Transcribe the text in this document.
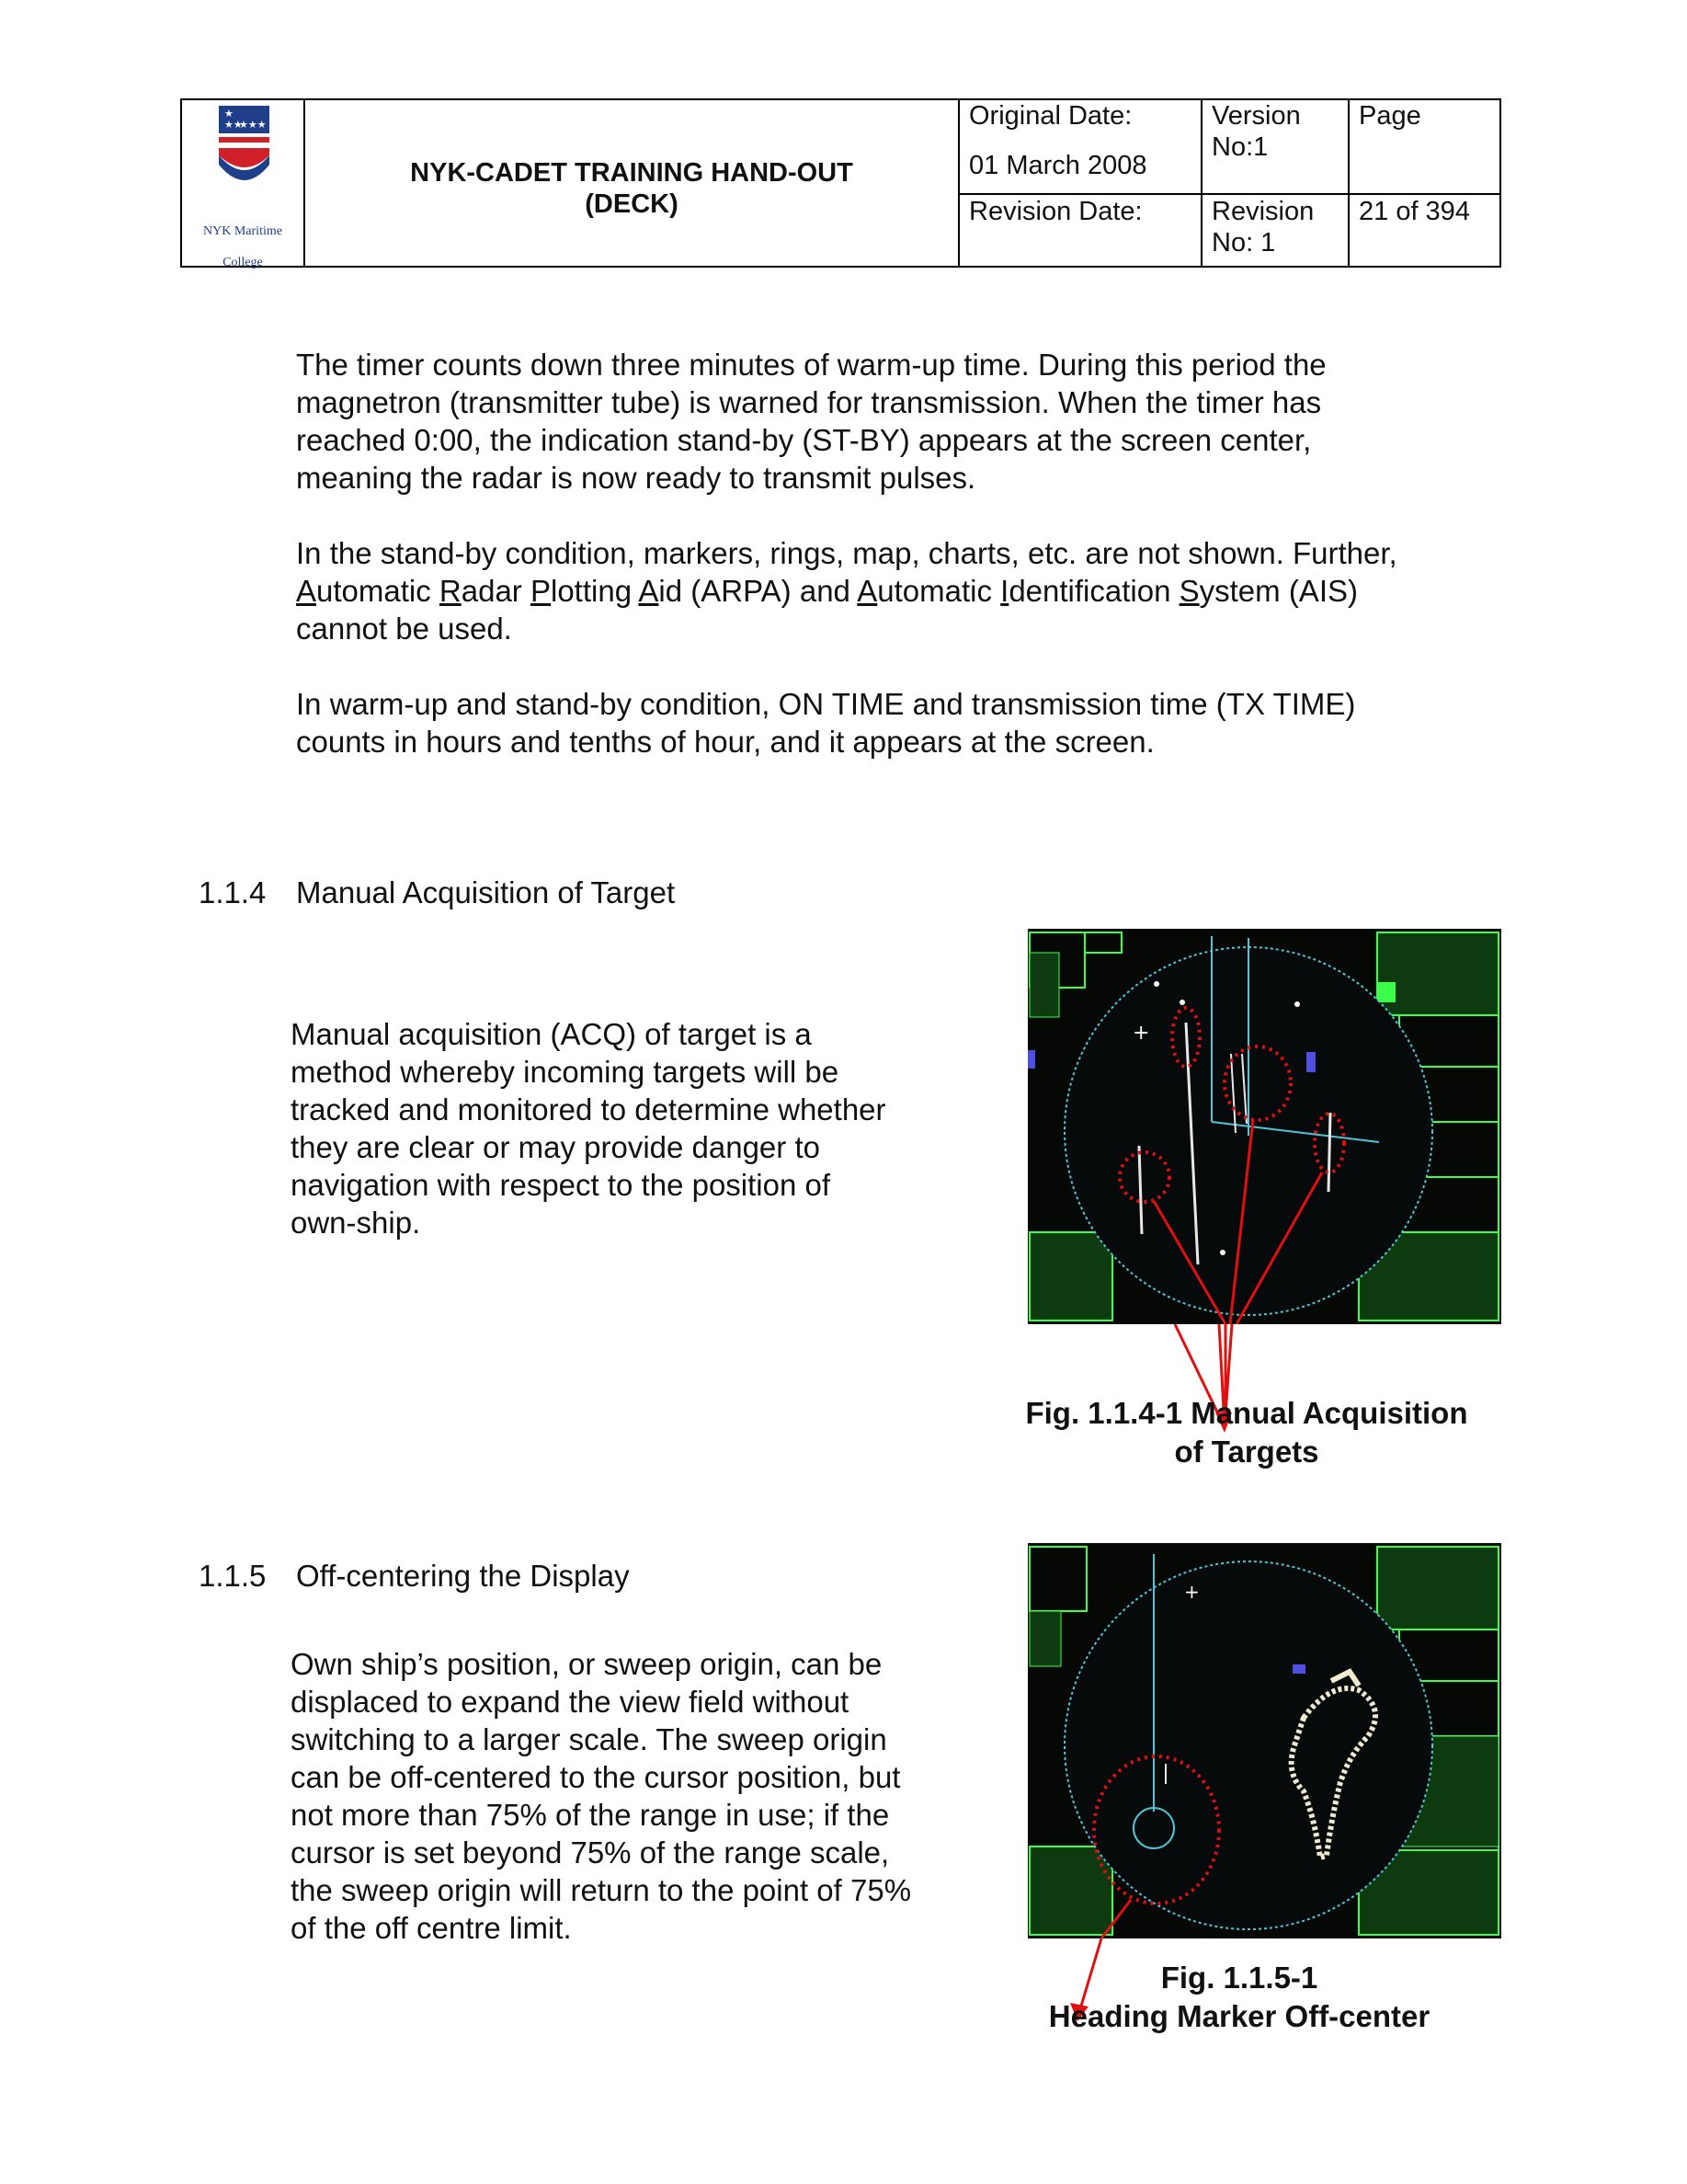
★
★★
★★★
NYK Maritime College
NYK-CADET TRAINING HAND-OUT
(DECK)
Original Date:
01 March 2008
Version
No:1
Page
Revision Date:	Revision
No: 1
21 of 394
The timer counts down three minutes of warm-up time. During this period the
magnetron (transmitter tube) is warned for transmission. When the timer has
reached 0:00, the indication stand-by (ST-BY) appears at the screen center,
meaning the radar is now ready to transmit pulses.
In the stand-by condition, markers, rings, map, charts, etc. are not shown. Further,
Automatic Radar Plotting Aid (ARPA) and Automatic Identification System (AIS)
cannot be used.
In warm-up and stand-by condition, ON TIME and transmission time (TX TIME)
counts in hours and tenths of hour, and it appears at the screen.
1.1.4 Manual Acquisition of Target
Manual acquisition (ACQ) of target is a
method whereby incoming targets will be
tracked and monitored to determine whether
they are clear or may provide danger to
navigation with respect to the position of
own-ship.
+
Fig. 1.1.4-1 Manual Acquisition
of Targets
1.1.5 Off-centering the Display
Own ship’s position, or sweep origin, can be
displaced to expand the view field without
switching to a larger scale. The sweep origin
can be off-centered to the cursor position, but
not more than 75% of the range in use; if the
cursor is set beyond 75% of the range scale,
the sweep origin will return to the point of 75%
of the off centre limit.
+
Fig. 1.1.5-1
Heading Marker Off-center
